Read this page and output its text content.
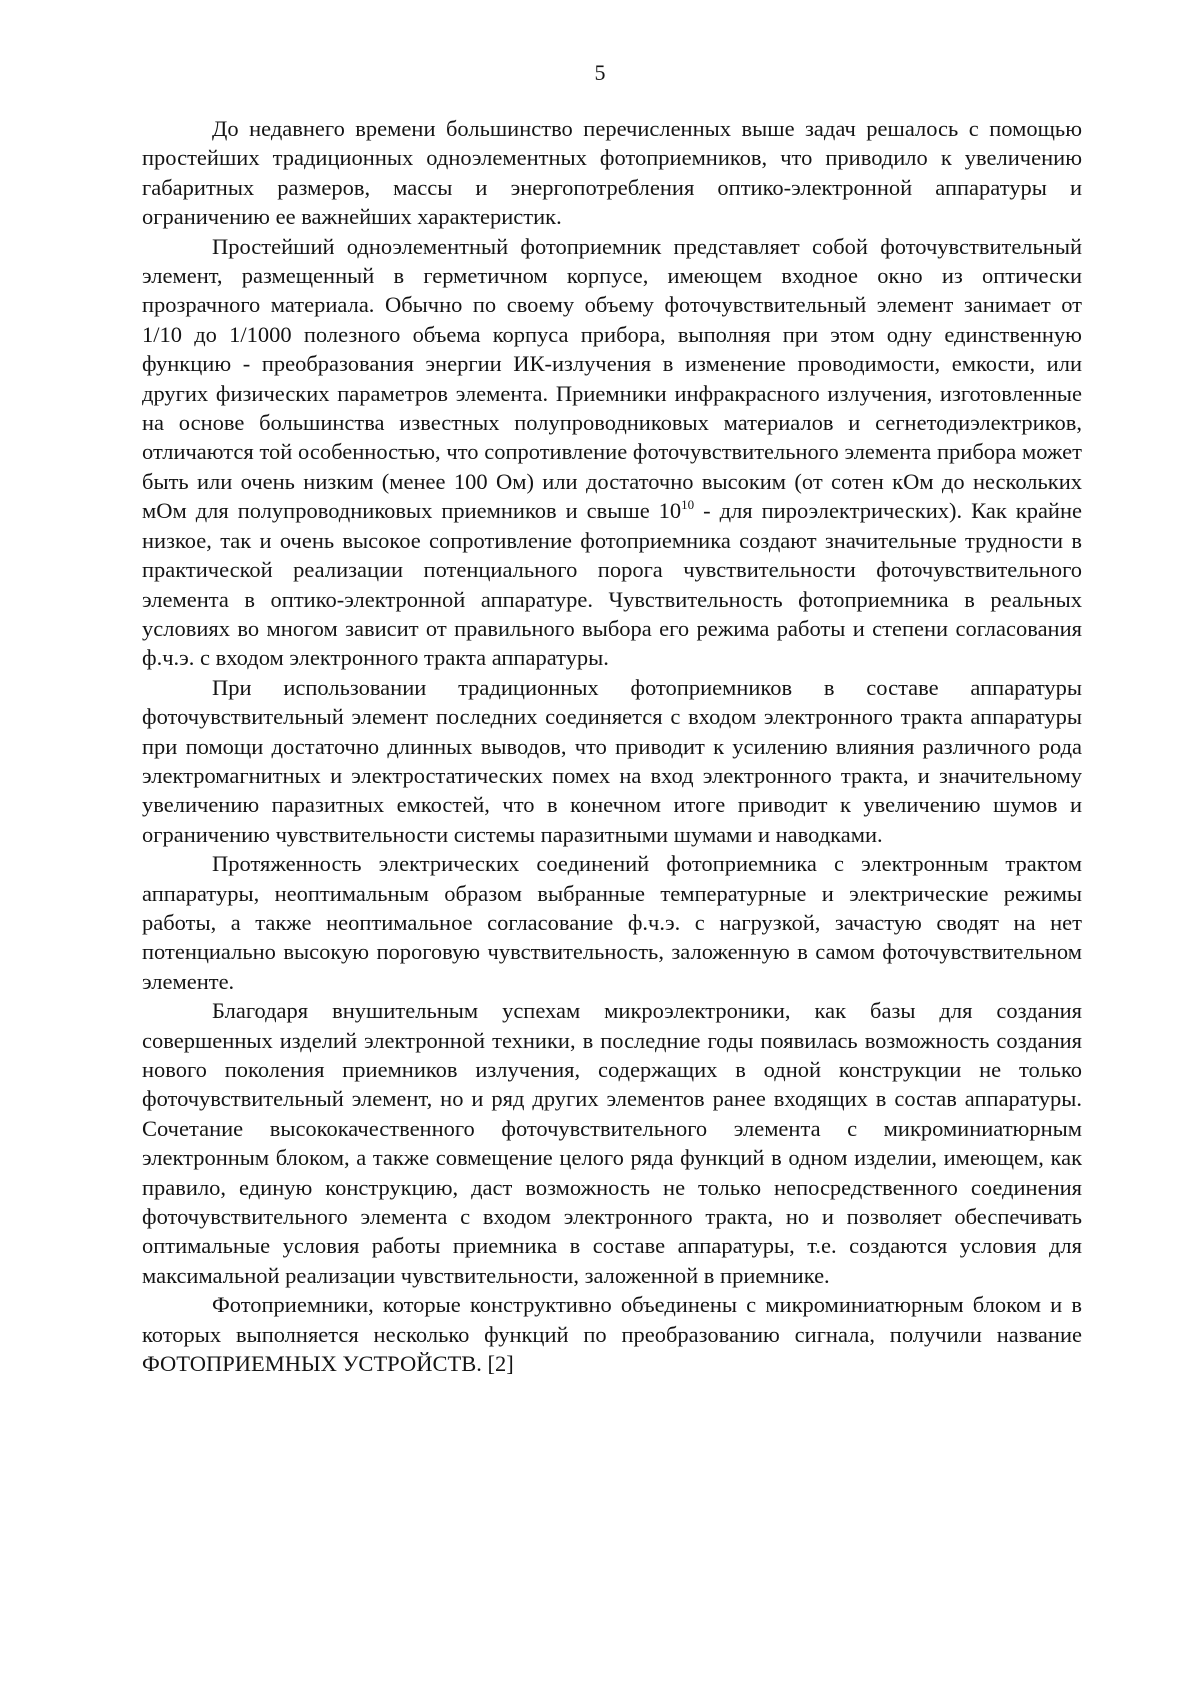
5

До недавнего времени большинство перечисленных выше задач решалось с помощью простейших традиционных одноэлементных фотоприемников, что приводило к увеличению габаритных размеров, массы и энергопотребления оптико-электронной аппаратуры и ограничению ее важнейших характеристик.

Простейший одноэлементный фотоприемник представляет собой фоточувствительный элемент, размещенный в герметичном корпусе, имеющем входное окно из оптически прозрачного материала. Обычно по своему объему фоточувствительный элемент занимает от 1/10 до 1/1000 полезного объема корпуса прибора, выполняя при этом одну единственную функцию - преобразования энергии ИК-излучения в изменение проводимости, емкости, или других физических параметров элемента. Приемники инфракрасного излучения, изготовленные на основе большинства известных полупроводниковых материалов и сегнетодиэлектриков, отличаются той особенностью, что сопротивление фоточувствительного элемента прибора может быть или очень низким (менее 100 Ом) или достаточно высоким (от сотен кОм до нескольких мОм для полупроводниковых приемников и свыше $10^{10}$ - для пироэлектрических). Как крайне низкое, так и очень высокое сопротивление фотоприемника создают значительные трудности в практической реализации потенциального порога чувствительности фоточувствительного элемента в оптико-электронной аппаратуре. Чувствительность фотоприемника в реальных условиях во многом зависит от правильного выбора его режима работы и степени согласования ф.ч.э. с входом электронного тракта аппаратуры.

При использовании традиционных фотоприемников в составе аппаратуры фоточувствительный элемент последних соединяется с входом электронного тракта аппаратуры при помощи достаточно длинных выводов, что приводит к усилению влияния различного рода электромагнитных и электростатических помех на вход электронного тракта, и значительному увеличению паразитных емкостей, что в конечном итоге приводит к увеличению шумов и ограничению чувствительности системы паразитными шумами и наводками.

Протяженность электрических соединений фотоприемника с электронным трактом аппаратуры, неоптимальным образом выбранные температурные и электрические режимы работы, а также неоптимальное согласование ф.ч.э. с нагрузкой, зачастую сводят на нет потенциально высокую пороговую чувствительность, заложенную в самом фоточувствительном элементе.

Благодаря внушительным успехам микроэлектроники, как базы для создания совершенных изделий электронной техники, в последние годы появилась возможность создания нового поколения приемников излучения, содержащих в одной конструкции не только фоточувствительный элемент, но и ряд других элементов ранее входящих в состав аппаратуры. Сочетание высококачественного фоточувствительного элемента с микроминиатюрным электронным блоком, а также совмещение целого ряда функций в одном изделии, имеющем, как правило, единую конструкцию, даст возможность не только непосредственного соединения фоточувствительного элемента с входом электронного тракта, но и позволяет обеспечивать оптимальные условия работы приемника в составе аппаратуры, т.е. создаются условия для максимальной реализации чувствительности, заложенной в приемнике.

Фотоприемники, которые конструктивно объединены с микроминиатюрным блоком и в которых выполняется несколько функций по преобразованию сигнала, получили название ФОТОПРИЕМНЫХ УСТРОЙСТВ. [2]
